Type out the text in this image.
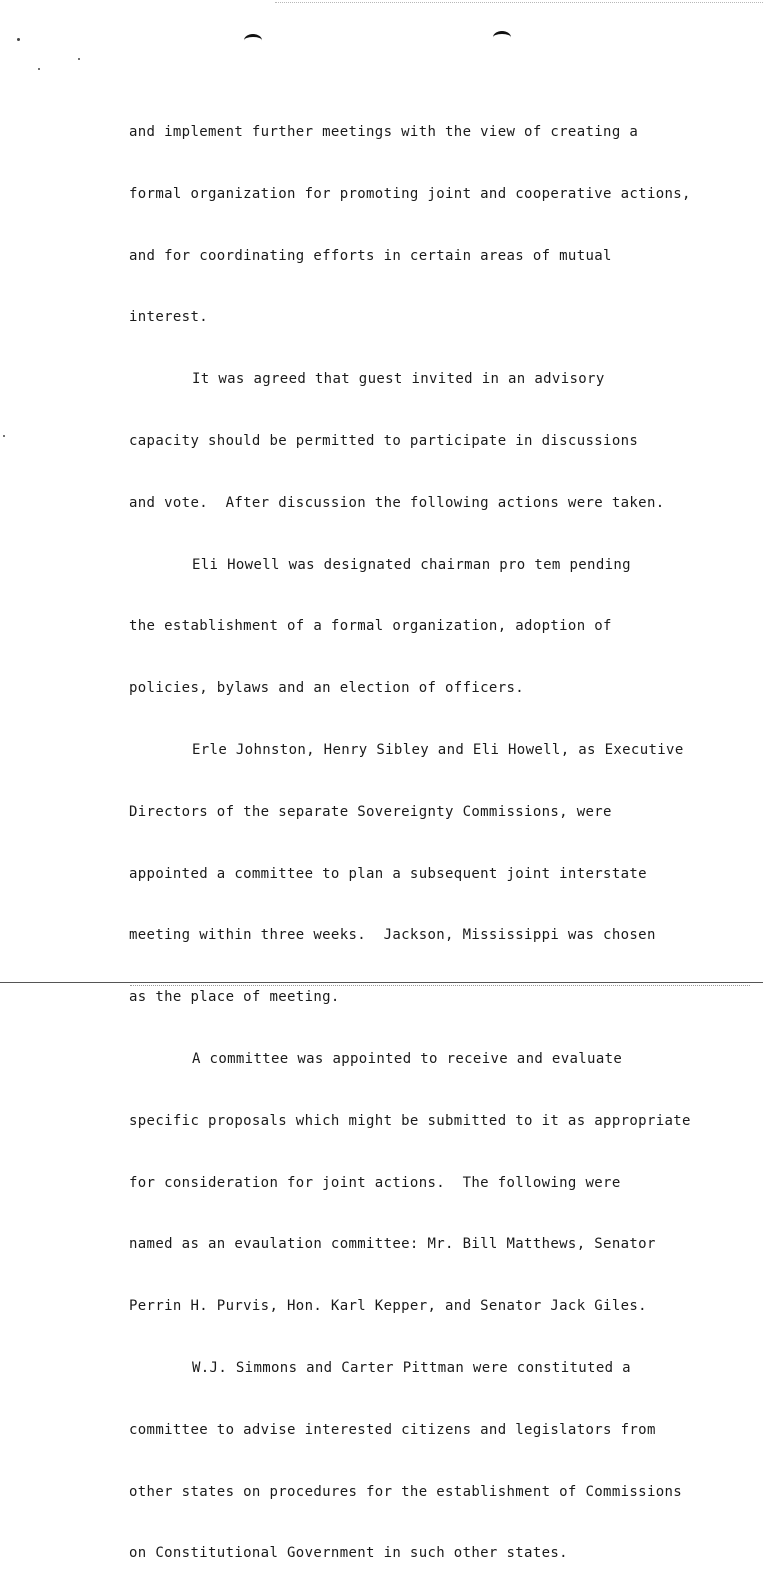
and implement further meetings with the view of creating a

formal organization for promoting joint and cooperative actions,

and for coordinating efforts in certain areas of mutual

interest.

It was agreed that guest invited in an advisory

capacity should be permitted to participate in discussions

and vote.  After discussion the following actions were taken.

Eli Howell was designated chairman pro tem pending

the establishment of a formal organization, adoption of

policies, bylaws and an election of officers.

Erle Johnston, Henry Sibley and Eli Howell, as Executive

Directors of the separate Sovereignty Commissions, were

appointed a committee to plan a subsequent joint interstate

meeting within three weeks.  Jackson, Mississippi was chosen

as the place of meeting.

A committee was appointed to receive and evaluate

specific proposals which might be submitted to it as appropriate

for consideration for joint actions.  The following were

named as an evaulation committee: Mr. Bill Matthews, Senator

Perrin H. Purvis, Hon. Karl Kepper, and Senator Jack Giles.

W.J. Simmons and Carter Pittman were constituted a

committee to advise interested citizens and legislators from

other states on procedures for the establishment of Commissions

on Constitutional Government in such other states.
